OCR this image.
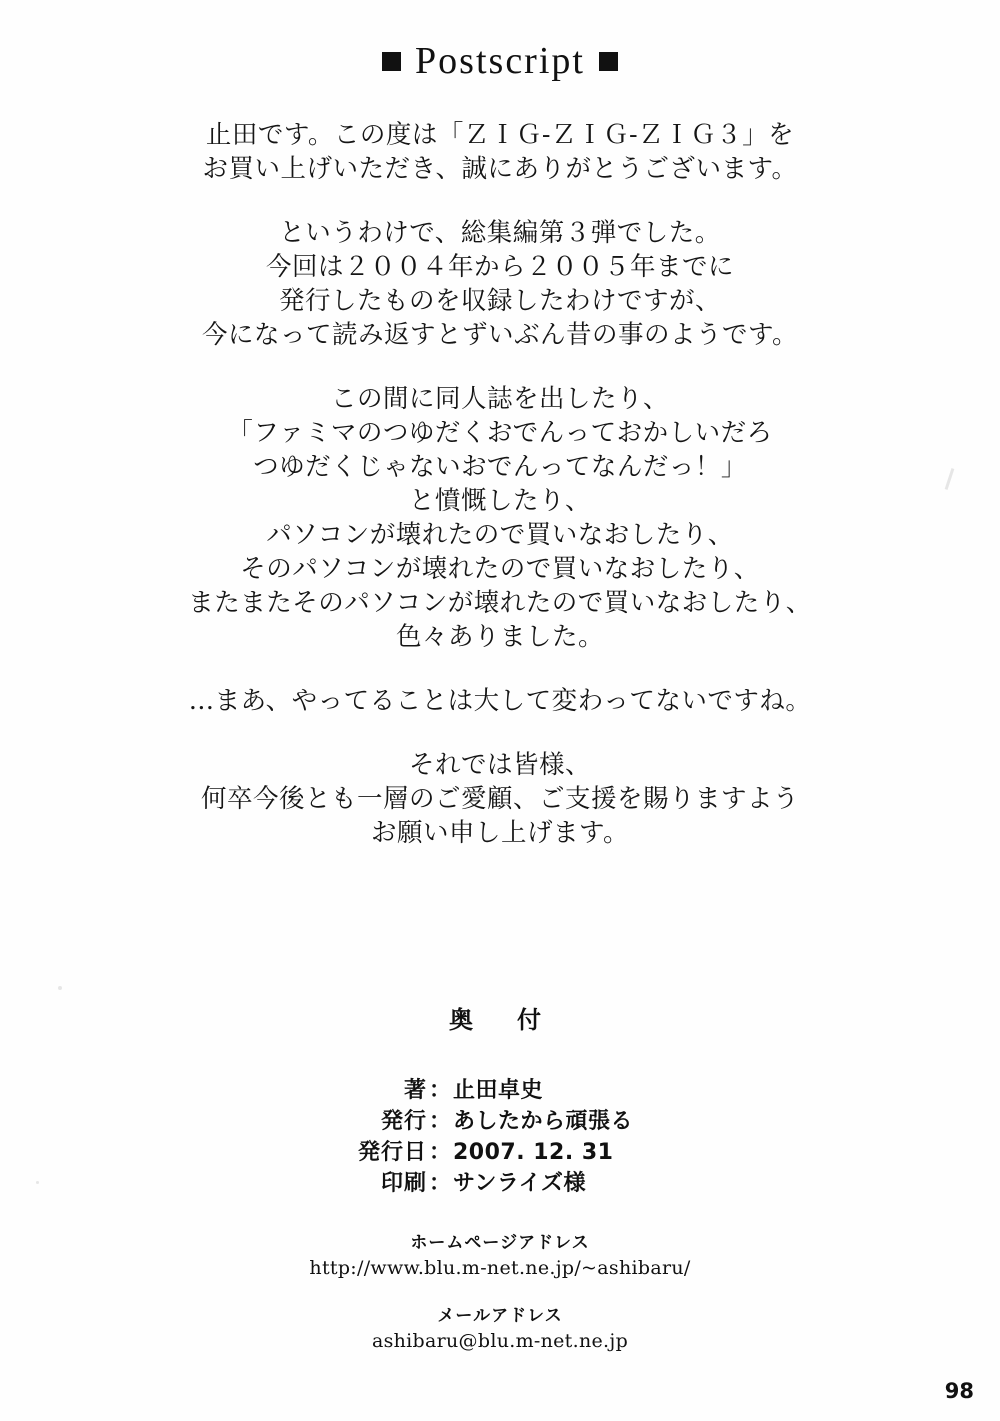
Postscript
止田です。この度は「ＺＩＧ-ＺＩＧ-ＺＩＧ３」を
お買い上げいただき、誠にありがとうございます。
というわけで、総集編第３弾でした。
今回は２００４年から２００５年までに
発行したものを収録したわけですが、
今になって読み返すとずいぶん昔の事のようです。
この間に同人誌を出したり、
「ファミマのつゆだくおでんっておかしいだろ
つゆだくじゃないおでんってなんだっ！」
と憤慨したり、
パソコンが壊れたので買いなおしたり、
そのパソコンが壊れたので買いなおしたり、
またまたそのパソコンが壊れたので買いなおしたり、
色々ありました。
…まあ、やってることは大して変わってないですね。
それでは皆様、
何卒今後とも一層のご愛顧、ご支援を賜りますよう
お願い申し上げます。
奥　付
著 ： 止田卓史
発行 ： あしたから頑張る
発行日 ： 2007. 12. 31
印刷 ： サンライズ様
ホームページアドレス
http://www.blu.m-net.ne.jp/~ashibaru/
メールアドレス
ashibaru@blu.m-net.ne.jp
98
